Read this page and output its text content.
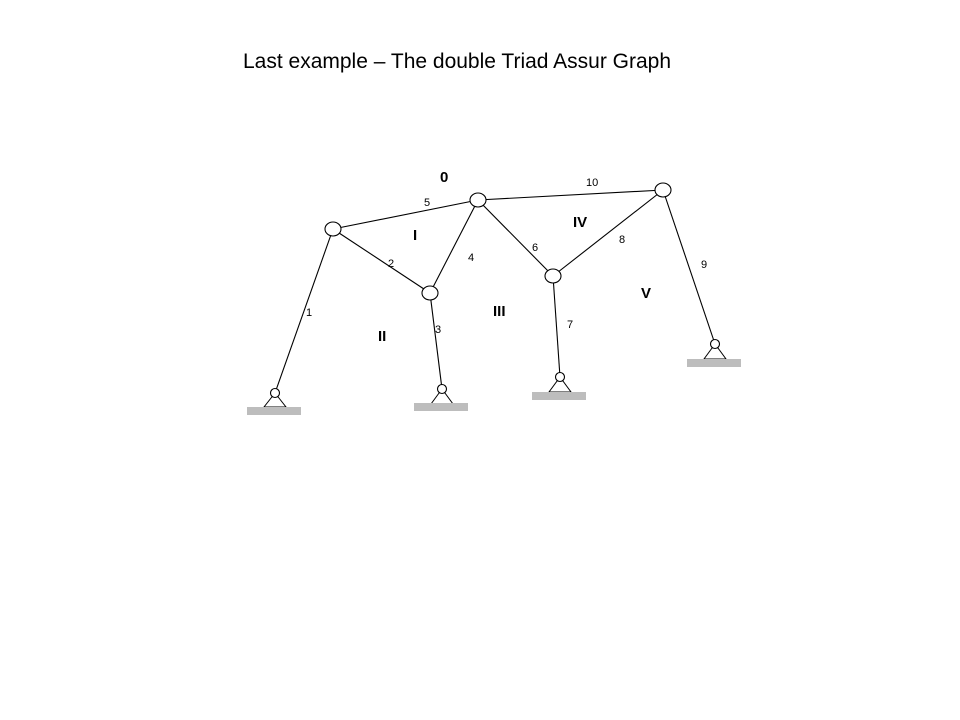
Last example – The double Triad Assur Graph
1
2
3
4
5
6
7
8
9
10
0
I
II
III
IV
V
